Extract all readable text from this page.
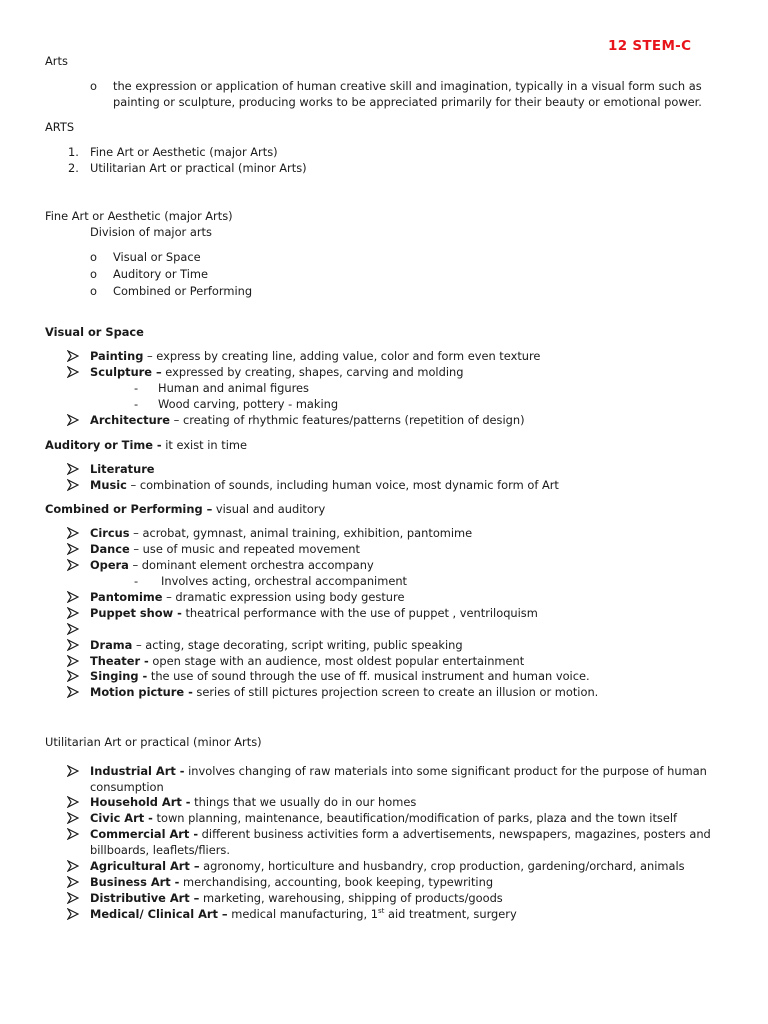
12 STEM-C
Arts
o the expression or application of human creative skill and imagination, typically in a visual form such as
painting or sculpture, producing works to be appreciated primarily for their beauty or emotional power.
ARTS
1. Fine Art or Aesthetic (major Arts)
2. Utilitarian Art or practical (minor Arts)
Fine Art or Aesthetic (major Arts)
Division of major arts
o Visual or Space
o Auditory or Time
o Combined or Performing
Visual or Space
Painting – express by creating line, adding value, color and form even texture
Sculpture – expressed by creating, shapes, carving and molding
- Human and animal figures
- Wood carving, pottery - making
Architecture – creating of rhythmic features/patterns (repetition of design)
Auditory or Time - it exist in time
Literature
Music – combination of sounds, including human voice, most dynamic form of Art
Combined or Performing – visual and auditory
Circus – acrobat, gymnast, animal training, exhibition, pantomime
Dance – use of music and repeated movement
Opera – dominant element orchestra accompany
Pantomime – dramatic expression using body gesture
Puppet show - theatrical performance with the use of puppet , ventriloquism
Drama – acting, stage decorating, script writing, public speaking
Theater - open stage with an audience, most oldest popular entertainment
Singing - the use of sound through the use of ff. musical instrument and human voice.
Motion picture - series of still pictures projection screen to create an illusion or motion.
- Involves acting, orchestral accompaniment
Utilitarian Art or practical (minor Arts)
Industrial Art - involves changing of raw materials into some significant product for the purpose of human
consumption
Household Art - things that we usually do in our homes
Civic Art - town planning, maintenance, beautification/modification of parks, plaza and the town itself
Commercial Art - different business activities form a advertisements, newspapers, magazines, posters and
billboards, leaflets/fliers.
Agricultural Art – agronomy, horticulture and husbandry, crop production, gardening/orchard, animals
Business Art - merchandising, accounting, book keeping, typewriting
Distributive Art – marketing, warehousing, shipping of products/goods
Medical/ Clinical Art – medical manufacturing, 1st aid treatment, surgery
